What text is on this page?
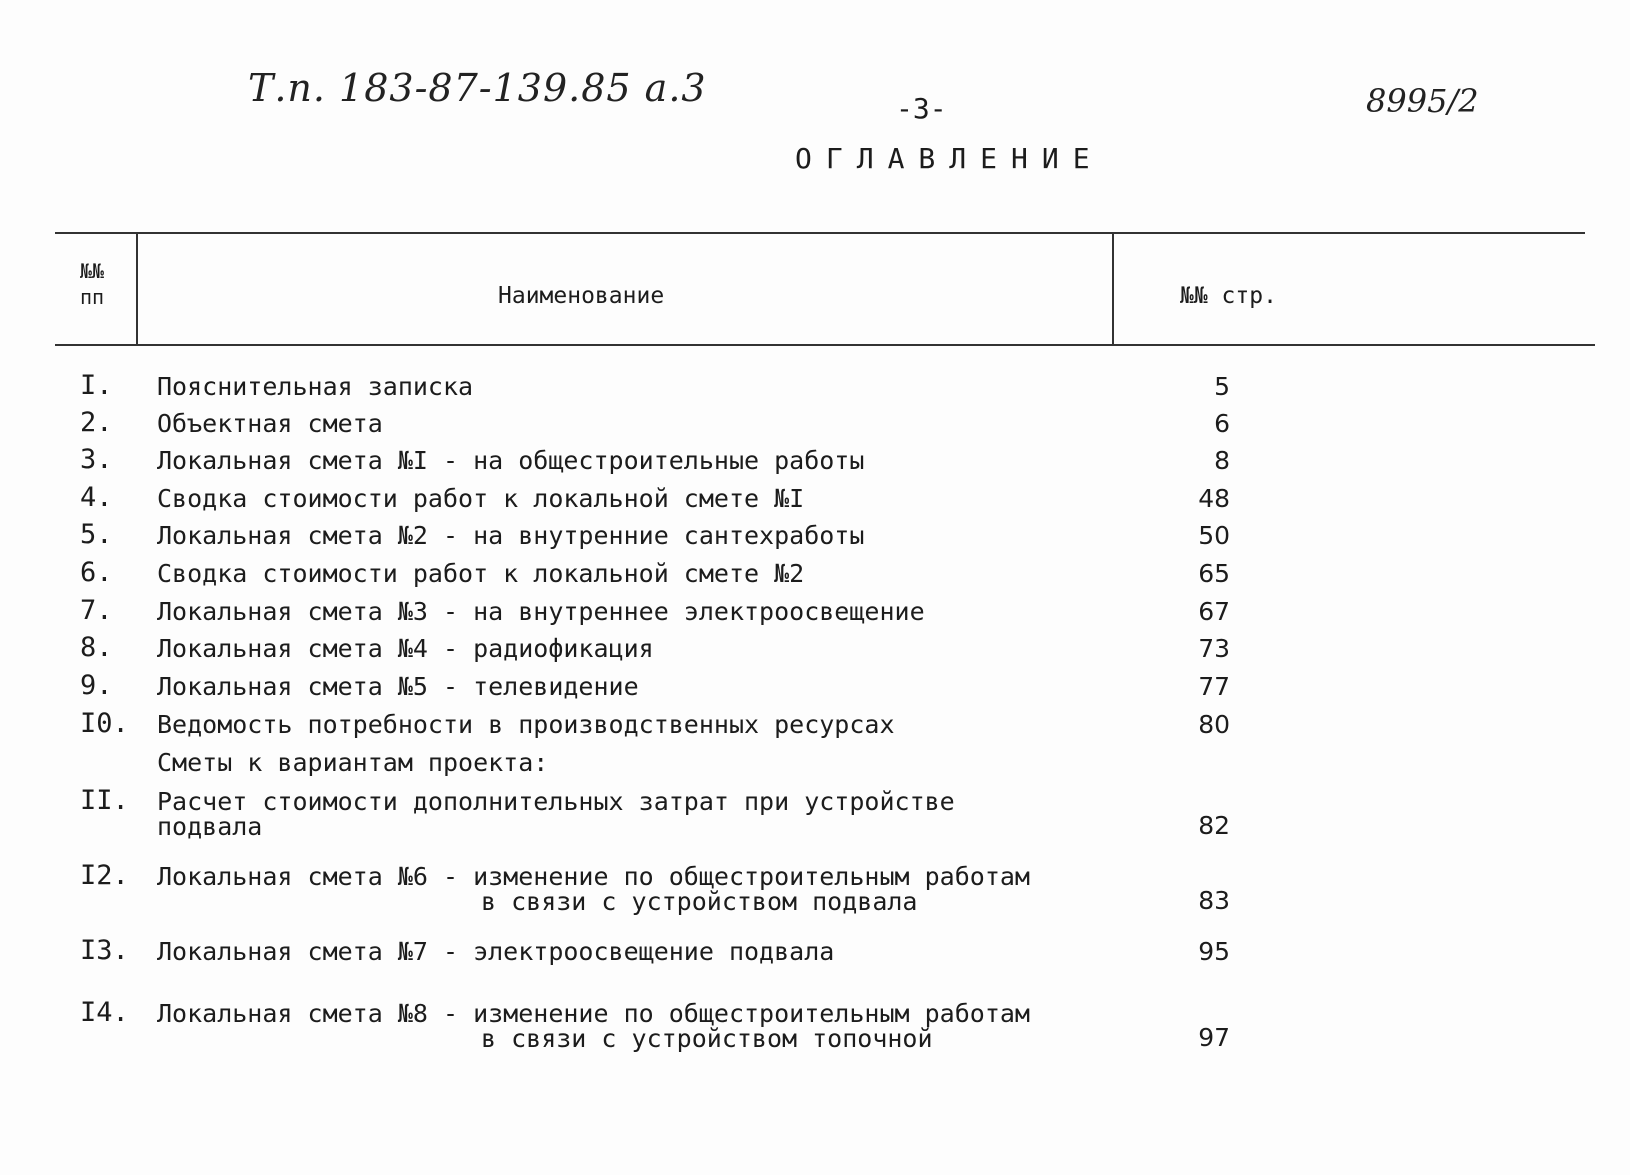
Т.п. 183-87-139.85 а.3	-3-	8995/2
ОГЛАВЛЕНИЕ
№№
пп	Наименование	№№ стр.
I. Пояснительная записка	5
2. Объектная смета	6
3. Локальная смета №I - на общестроительные работы	8
4. Сводка стоимости работ к локальной смете №I	48
5. Локальная смета №2 - на внутренние сантехработы	50
6. Сводка стоимости работ к локальной смете №2	65
7. Локальная смета №3 - на внутреннее электроосвещение	67
8. Локальная смета №4 - радиофикация	73
9. Локальная смета №5 - телевидение	77
I0. Ведомость потребности в производственных ресурсах	80
Сметы к вариантам проекта:
II. Расчет стоимости дополнительных затрат при устройстве
подвала	82
I2. Локальная смета №6 - изменение по общестроительным работам
в связи с устройством подвала	83
I3. Локальная смета №7 - электроосвещение подвала	95
I4. Локальная смета №8 - изменение по общестроительным работам
в связи с устройством топочной	97
